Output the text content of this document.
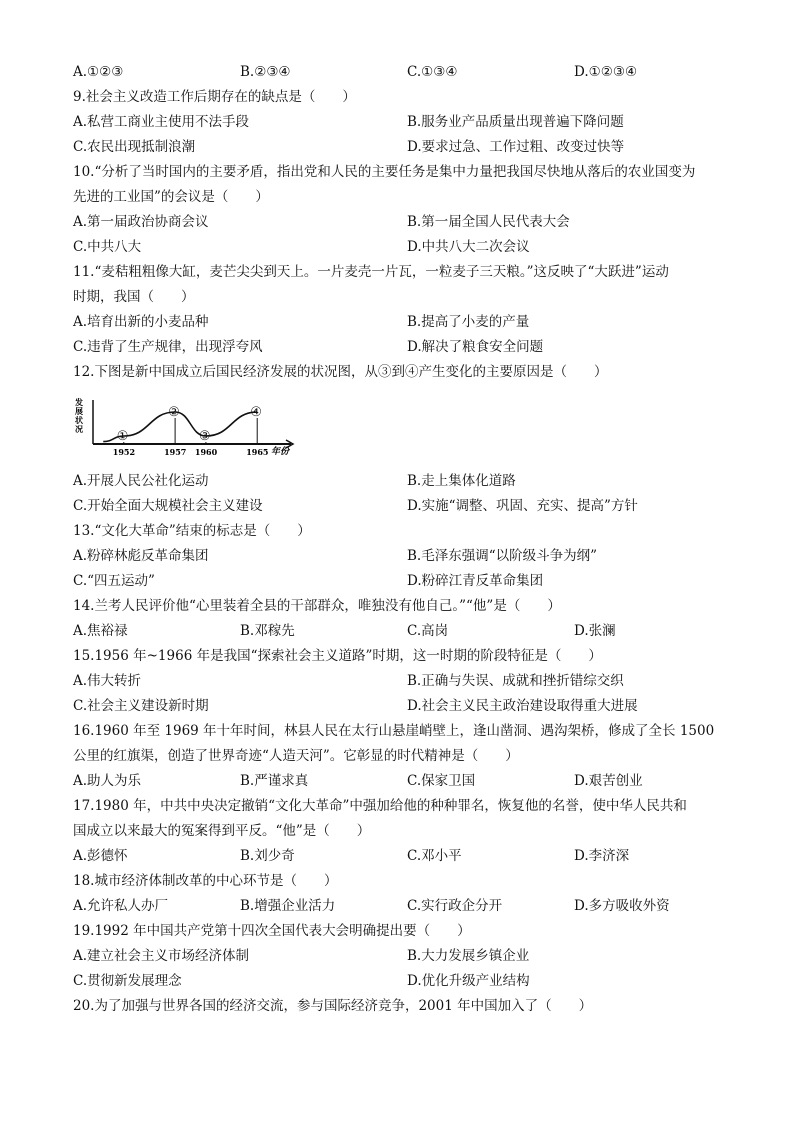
A.①②③	B.②③④	C.①③④	D.①②③④
9.社会主义改造工作后期存在的缺点是（　　）
A.私营工商业主使用不法手段	B.服务业产品质量出现普遍下降问题
C.农民出现抵制浪潮	D.要求过急、工作过粗、改变过快等
10.“分析了当时国内的主要矛盾，指出党和人民的主要任务是集中力量把我国尽快地从落后的农业国变为
先进的工业国”的会议是（　　）
A.第一届政治协商会议	B.第一届全国人民代表大会
C.中共八大	D.中共八大二次会议
11.“麦秸粗粗像大缸，麦芒尖尖到天上。一片麦壳一片瓦，一粒麦子三天粮。”这反映了“大跃进”运动
时期，我国（　　）
A.培育出新的小麦品种	B.提高了小麦的产量
C.违背了生产规律，出现浮夸风	D.解决了粮食安全问题
12.下图是新中国成立后国民经济发展的状况图，从③到④产生变化的主要原因是（　　）
发展状况
1952
①
1957
②
1960
③
1965
④
年份
A.开展人民公社化运动	B.走上集体化道路
C.开始全面大规模社会主义建设	D.实施“调整、巩固、充实、提高”方针
13.“文化大革命”结束的标志是（　　）
A.粉碎林彪反革命集团	B.毛泽东强调“以阶级斗争为纲”
C.“四五运动”	D.粉碎江青反革命集团
14.兰考人民评价他“心里装着全县的干部群众，唯独没有他自己。”“他”是（　　）
A.焦裕禄	B.邓稼先	C.高岗	D.张澜
15.1956 年~1966 年是我国“探索社会主义道路”时期，这一时期的阶段特征是（　　）
A.伟大转折	B.正确与失误、成就和挫折错综交织
C.社会主义建设新时期	D.社会主义民主政治建设取得重大进展
16.1960 年至 1969 年十年时间，林县人民在太行山悬崖峭壁上，逢山凿洞、遇沟架桥，修成了全长 1500
公里的红旗渠，创造了世界奇迹“人造天河”。它彰显的时代精神是（　　）
A.助人为乐	B.严谨求真	C.保家卫国	D.艰苦创业
17.1980 年，中共中央决定撤销“文化大革命”中强加给他的种种罪名，恢复他的名誉，使中华人民共和
国成立以来最大的冤案得到平反。“他”是（　　）
A.彭德怀	B.刘少奇	C.邓小平	D.李济深
18.城市经济体制改革的中心环节是（　　）
A.允许私人办厂	B.增强企业活力	C.实行政企分开	D.多方吸收外资
19.1992 年中国共产党第十四次全国代表大会明确提出要（　　）
A.建立社会主义市场经济体制	B.大力发展乡镇企业
C.贯彻新发展理念	D.优化升级产业结构
20.为了加强与世界各国的经济交流，参与国际经济竞争，2001 年中国加入了（　　）
